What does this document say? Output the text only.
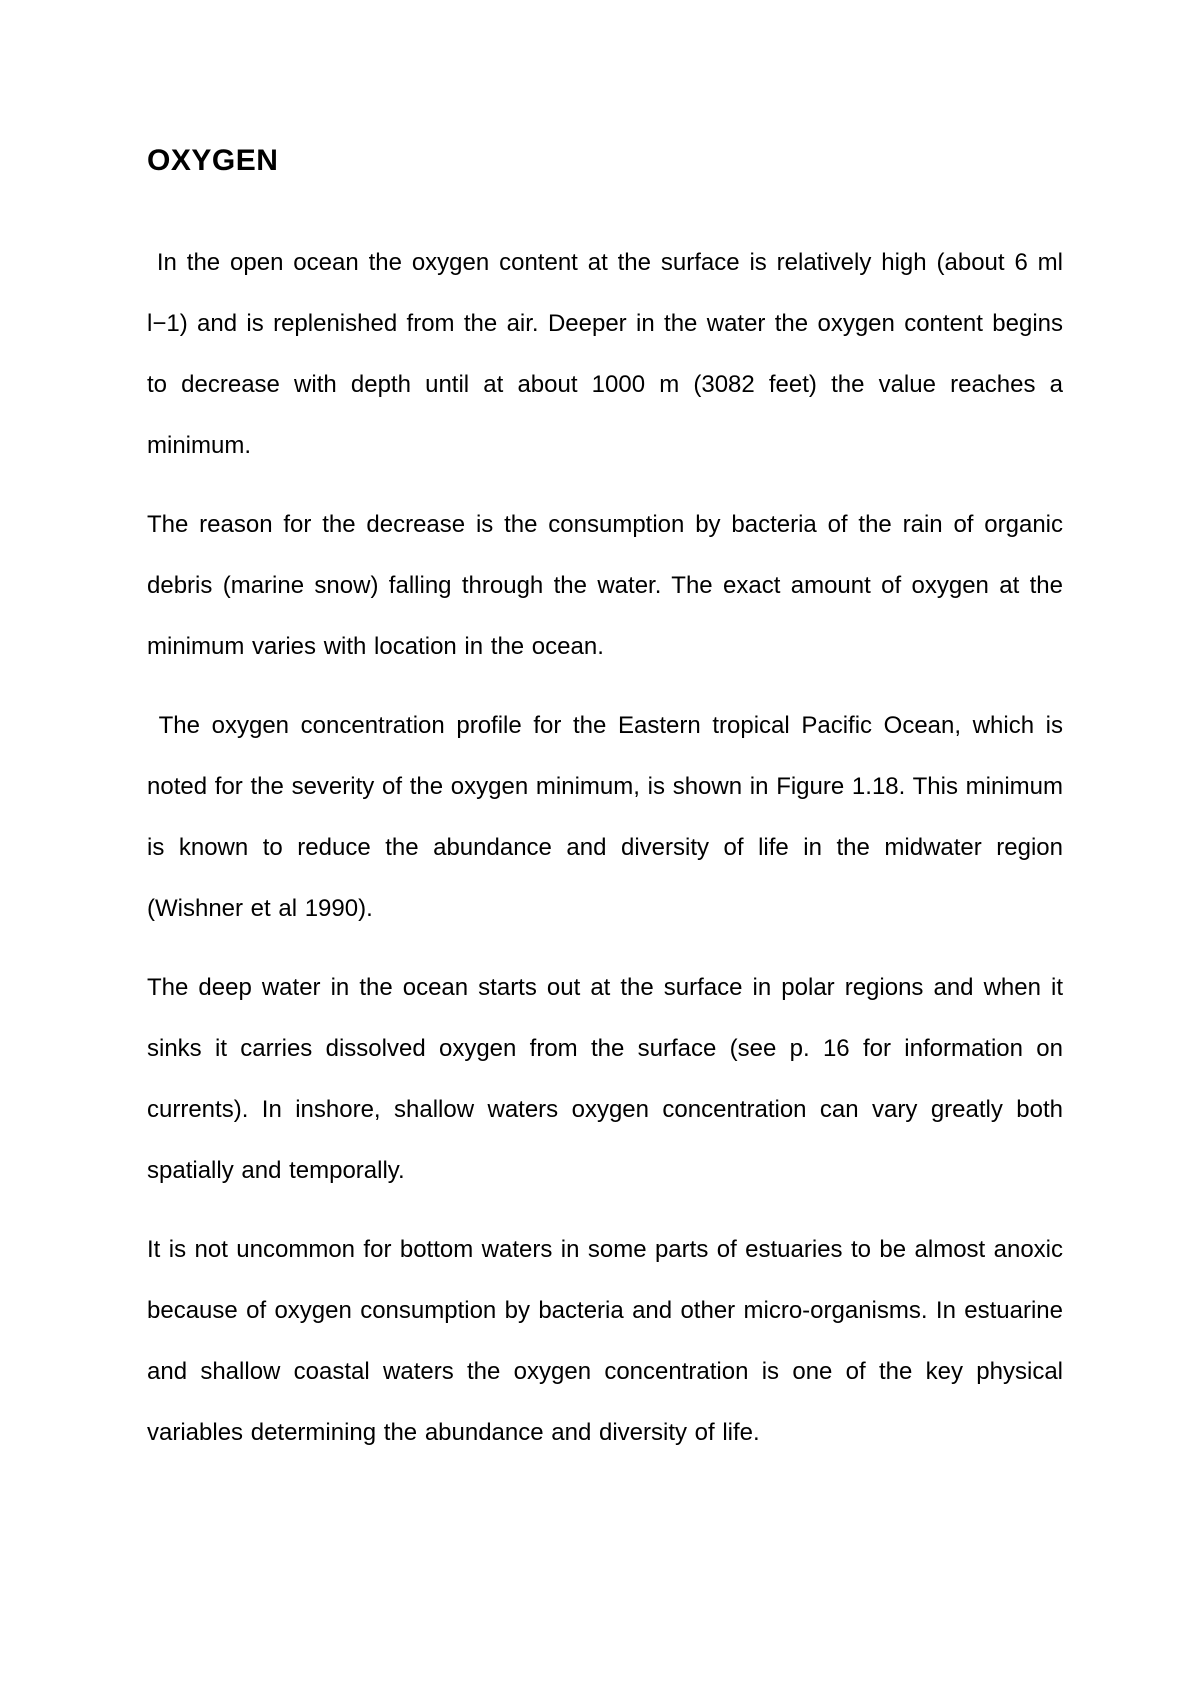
OXYGEN

In the open ocean the oxygen content at the surface is relatively high (about 6 ml l−1) and is replenished from the air. Deeper in the water the oxygen content begins to decrease with depth until at about 1000 m (3082 feet) the value reaches a minimum.

The reason for the decrease is the consumption by bacteria of the rain of organic debris (marine snow) falling through the water. The exact amount of oxygen at the minimum varies with location in the ocean.

The oxygen concentration profile for the Eastern tropical Pacific Ocean, which is noted for the severity of the oxygen minimum, is shown in Figure 1.18. This minimum is known to reduce the abundance and diversity of life in the midwater region (Wishner et al 1990).

The deep water in the ocean starts out at the surface in polar regions and when it sinks it carries dissolved oxygen from the surface (see p. 16 for information on currents). In inshore, shallow waters oxygen concentration can vary greatly both spatially and temporally.

It is not uncommon for bottom waters in some parts of estuaries to be almost anoxic because of oxygen consumption by bacteria and other micro-organisms. In estuarine and shallow coastal waters the oxygen concentration is one of the key physical variables determining the abundance and diversity of life.
